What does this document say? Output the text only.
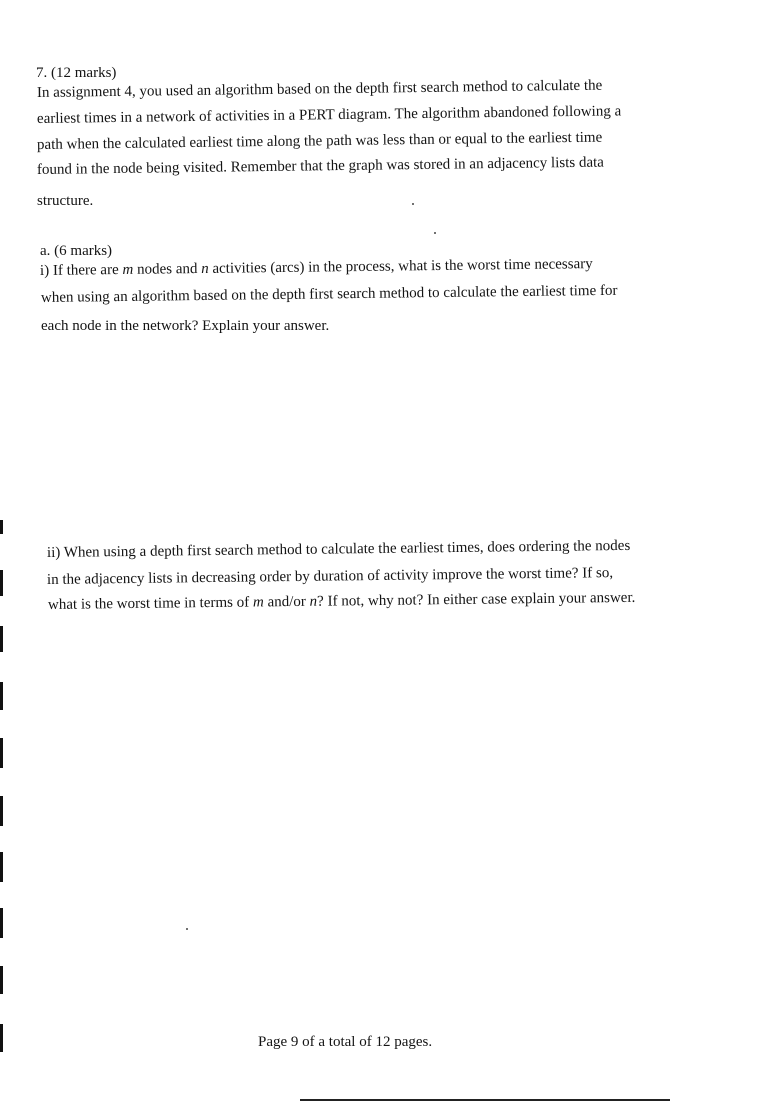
7. (12 marks)
In assignment 4, you used an algorithm based on the depth first search method to calculate the
earliest times in a network of activities in a PERT diagram. The algorithm abandoned following a
path when the calculated earliest time along the path was less than or equal to the earliest time
found in the node being visited. Remember that the graph was stored in an adjacency lists data
structure.
a. (6 marks)
i) If there are m nodes and n activities (arcs) in the process, what is the worst time necessary
when using an algorithm based on the depth first search method to calculate the earliest time for
each node in the network? Explain your answer.
ii) When using a depth first search method to calculate the earliest times, does ordering the nodes
in the adjacency lists in decreasing order by duration of activity improve the worst time? If so,
what is the worst time in terms of m and/or n? If not, why not? In either case explain your answer.
Page 9 of a total of 12 pages.
